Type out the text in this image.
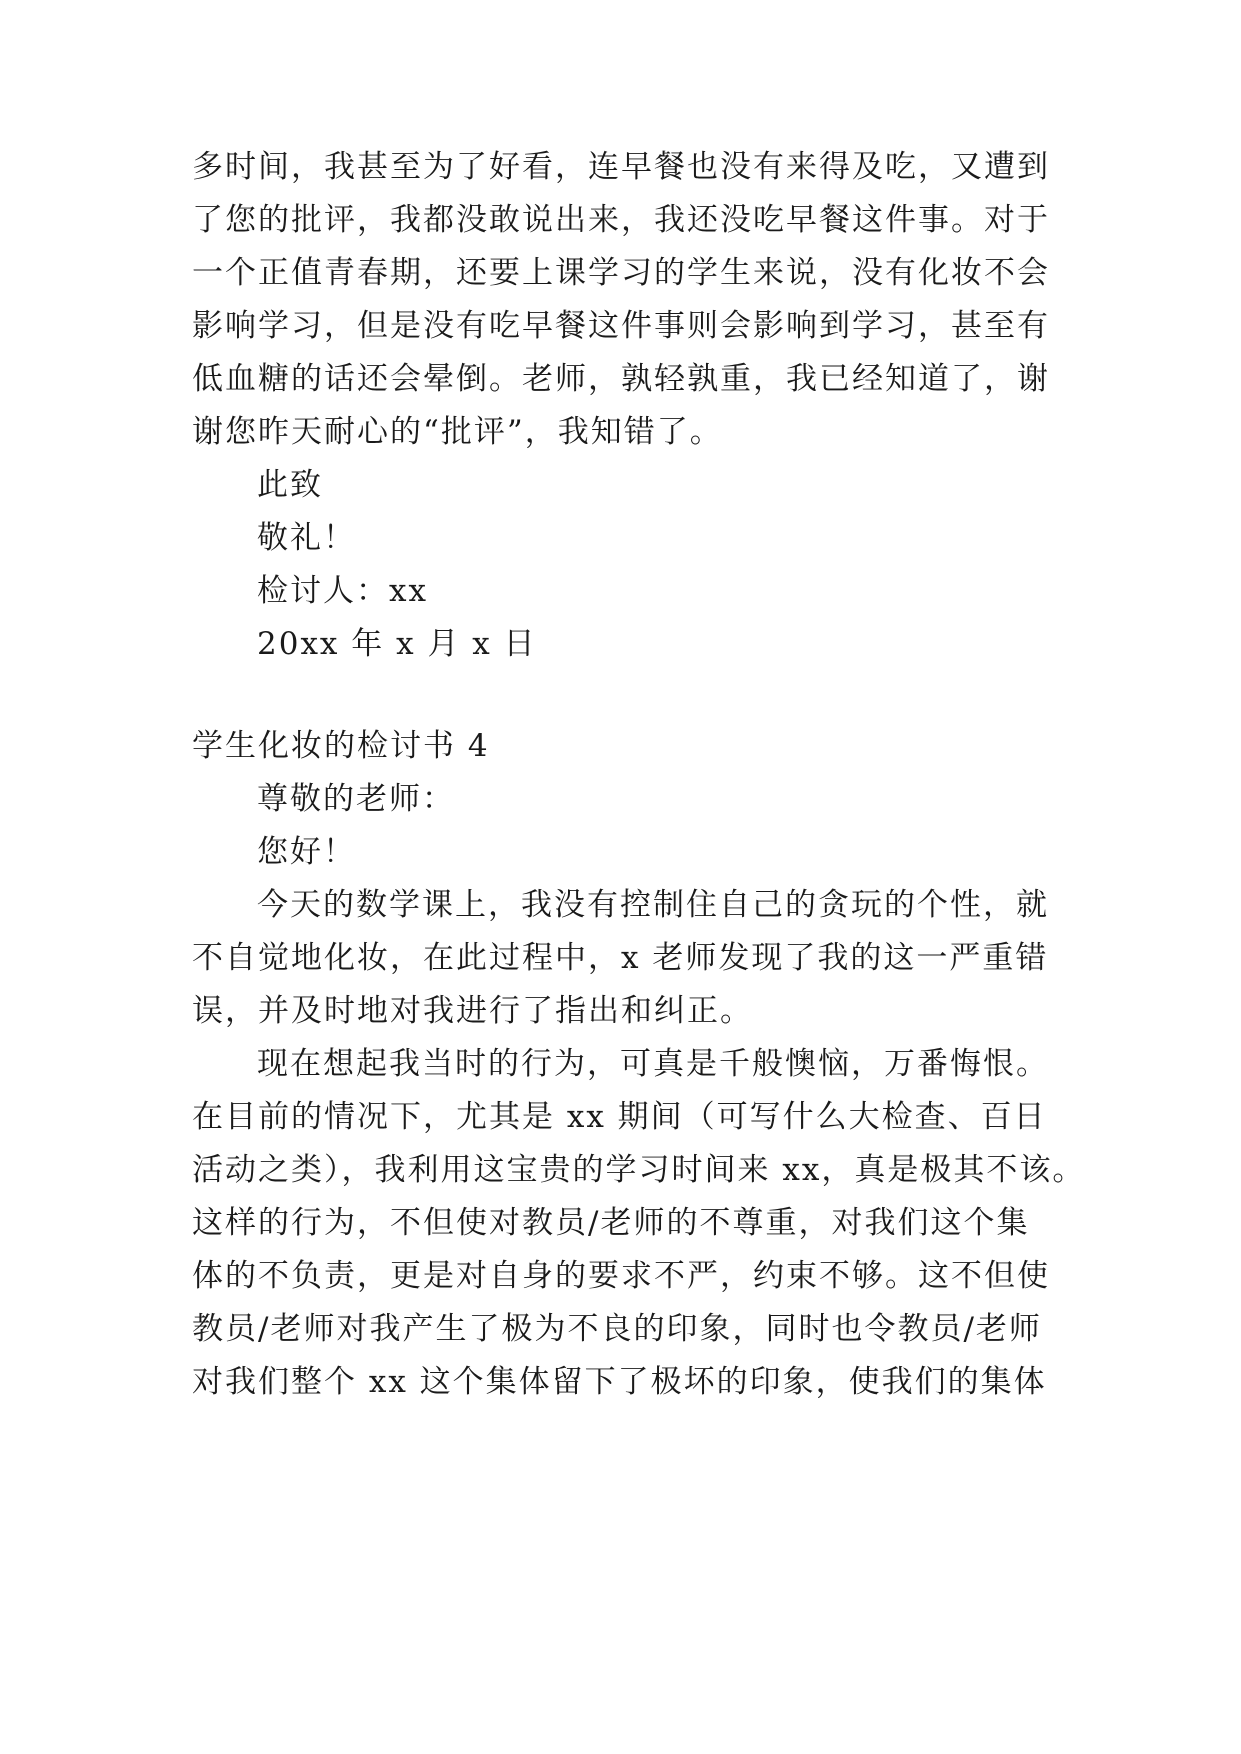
多时间，我甚至为了好看，连早餐也没有来得及吃，又遭到
了您的批评，我都没敢说出来，我还没吃早餐这件事。对于
一个正值青春期，还要上课学习的学生来说，没有化妆不会
影响学习，但是没有吃早餐这件事则会影响到学习，甚至有
低血糖的话还会晕倒。老师，孰轻孰重，我已经知道了，谢
谢您昨天耐心的“批评”，我知错了。
此致
敬礼！
检讨人：xx
20xx 年 x 月 x 日
学生化妆的检讨书 4
尊敬的老师：
您好！
今天的数学课上，我没有控制住自己的贪玩的个性，就
不自觉地化妆，在此过程中，x 老师发现了我的这一严重错
误，并及时地对我进行了指出和纠正。
现在想起我当时的行为，可真是千般懊恼，万番悔恨。
在目前的情况下，尤其是 xx 期间（可写什么大检查、百日
活动之类），我利用这宝贵的学习时间来 xx，真是极其不该。
这样的行为，不但使对教员/老师的不尊重，对我们这个集
体的不负责，更是对自身的要求不严，约束不够。这不但使
教员/老师对我产生了极为不良的印象，同时也令教员/老师
对我们整个 xx 这个集体留下了极坏的印象，使我们的集体
